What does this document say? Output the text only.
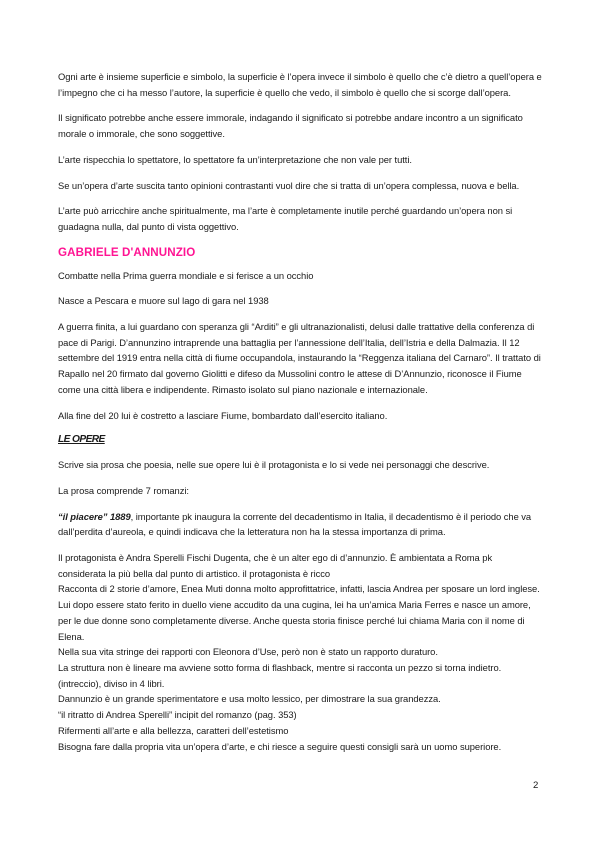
Ogni arte è insieme superficie e simbolo, la superficie è l’opera invece il simbolo è quello che c’è dietro a quell’opera e l’impegno che ci ha messo l’autore, la superficie è quello che vedo, il simbolo è quello che si scorge dall’opera.

Il significato potrebbe anche essere immorale, indagando il significato si potrebbe andare incontro a un significato morale o immorale, che sono soggettive.

L’arte rispecchia lo spettatore, lo spettatore fa un’interpretazione che non vale per tutti.

Se un’opera d’arte suscita tanto opinioni contrastanti vuol dire che si tratta di un’opera complessa, nuova e bella.

L’arte può arricchire anche spiritualmente, ma l’arte è completamente inutile perché guardando un’opera non si guadagna nulla, dal punto di vista oggettivo.

GABRIELE D'ANNUNZIO

Combatte nella Prima guerra mondiale e si ferisce a un occhio

Nasce a Pescara e muore sul lago di gara nel 1938

A guerra finita, a lui guardano con speranza gli “Arditi” e gli ultranazionalisti, delusi dalle trattative della conferenza di pace di Parigi. D’annunzino intraprende una battaglia per l’annessione dell’Italia, dell’Istria e della Dalmazia. Il 12 settembre del 1919 entra nella città di fiume occupandola, instaurando la “Reggenza italiana del Carnaro”. Il trattato di Rapallo nel 20 firmato dal governo Giolitti e difeso da Mussolini contro le attese di D’Annunzio, riconosce il Fiume come una città libera e indipendente. Rimasto isolato sul piano nazionale e internazionale.

Alla fine del 20 lui è costretto a lasciare Fiume, bombardato dall’esercito italiano.

LE OPERE

Scrive sia prosa che poesia, nelle sue opere lui è il protagonista e lo si vede nei personaggi che descrive.

La prosa comprende 7 romanzi:

“il piacere” 1889, importante pk inaugura la corrente del decadentismo in Italia, il decadentismo è il periodo che va dall’perdita d’aureola, e quindi indicava che la letteratura non ha la stessa importanza di prima.

Il protagonista è Andra Sperelli Fischi Dugenta, che è un alter ego di d’annunzio. È ambientata a Roma pk considerata la più bella dal punto di artistico. il protagonista è ricco

Racconta di 2 storie d’amore, Enea Muti donna molto approfittatrice, infatti, lascia Andrea per sposare un lord inglese. Lui dopo essere stato ferito in duello viene accudito da una cugina, lei ha un’amica Maria Ferres e nasce un amore, per le due donne sono completamente diverse. Anche questa storia finisce perché lui chiama Maria con il nome di Elena.

Nella sua vita stringe dei rapporti con Eleonora d’Use, però non è stato un rapporto duraturo.

La struttura non è lineare ma avviene sotto forma di flashback, mentre si racconta un pezzo si torna indietro. (intreccio), diviso in 4 libri.

Dannunzio è un grande sperimentatore e usa molto lessico, per dimostrare la sua grandezza.

“il ritratto di Andrea Sperelli” incipit del romanzo (pag. 353)

Rifermenti all’arte e alla bellezza, caratteri dell’estetismo

Bisogna fare dalla propria vita un’opera d’arte, e chi riesce a seguire questi consigli sarà un uomo superiore.

2
